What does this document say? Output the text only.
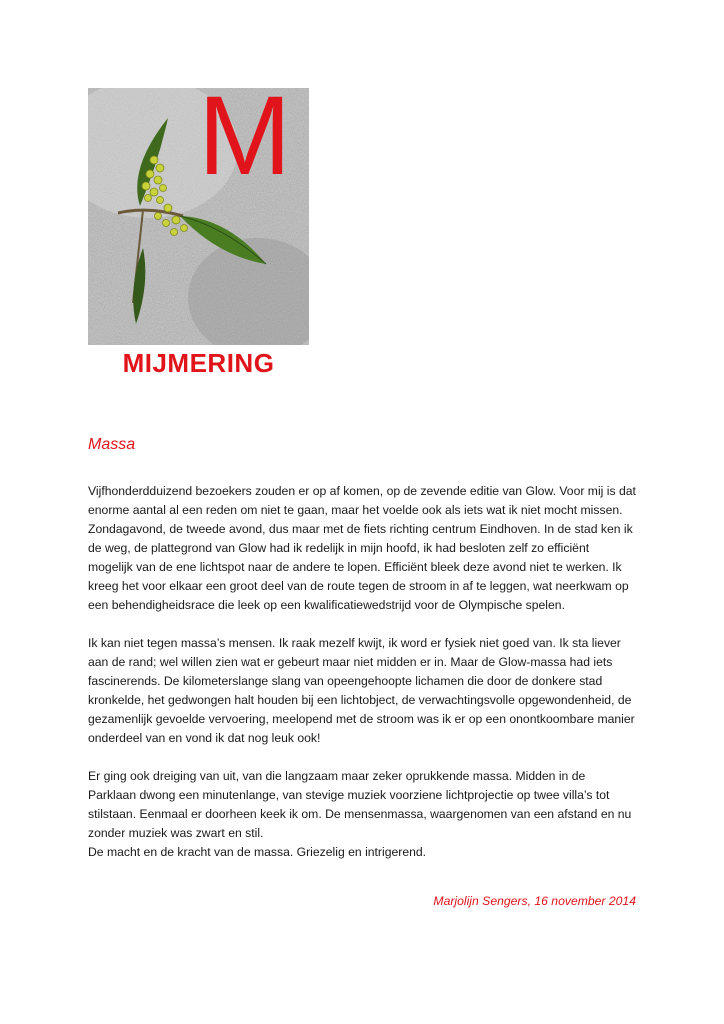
M
MIJMERING
Massa

Vijfhonderdduizend bezoekers zouden er op af komen, op de zevende editie van Glow. Voor mij is dat enorme aantal al een reden om niet te gaan, maar het voelde ook als iets wat ik niet mocht missen. Zondagavond, de tweede avond, dus maar met de fiets richting centrum Eindhoven. In de stad ken ik de weg, de plattegrond van Glow had ik redelijk in mijn hoofd, ik had besloten zelf zo efficiënt mogelijk van de ene lichtspot naar de andere te lopen. Efficiënt bleek deze avond niet te werken. Ik kreeg het voor elkaar een groot deel van de route tegen de stroom in af te leggen, wat neerkwam op een behendigheidsrace die leek op een kwalificatiewedstrijd voor de Olympische spelen.

Ik kan niet tegen massa’s mensen. Ik raak mezelf kwijt, ik word er fysiek niet goed van. Ik sta liever aan de rand; wel willen zien wat er gebeurt maar niet midden er in. Maar de Glow-massa had iets fascinerends. De kilometerslange slang van opeengehoopte lichamen die door de donkere stad kronkelde, het gedwongen halt houden bij een lichtobject, de verwachtingsvolle opgewondenheid, de gezamenlijk gevoelde vervoering, meelopend met de stroom was ik er op een onontkoombare manier onderdeel van en vond ik dat nog leuk ook!

Er ging ook dreiging van uit, van die langzaam maar zeker oprukkende massa. Midden in de Parklaan dwong een minutenlange, van stevige muziek voorziene lichtprojectie op twee villa’s tot stilstaan. Eenmaal er doorheen keek ik om. De mensenmassa, waargenomen van een afstand en nu zonder muziek was zwart en stil.

De macht en de kracht van de massa. Griezelig en intrigerend.

Marjolijn Sengers, 16 november 2014
